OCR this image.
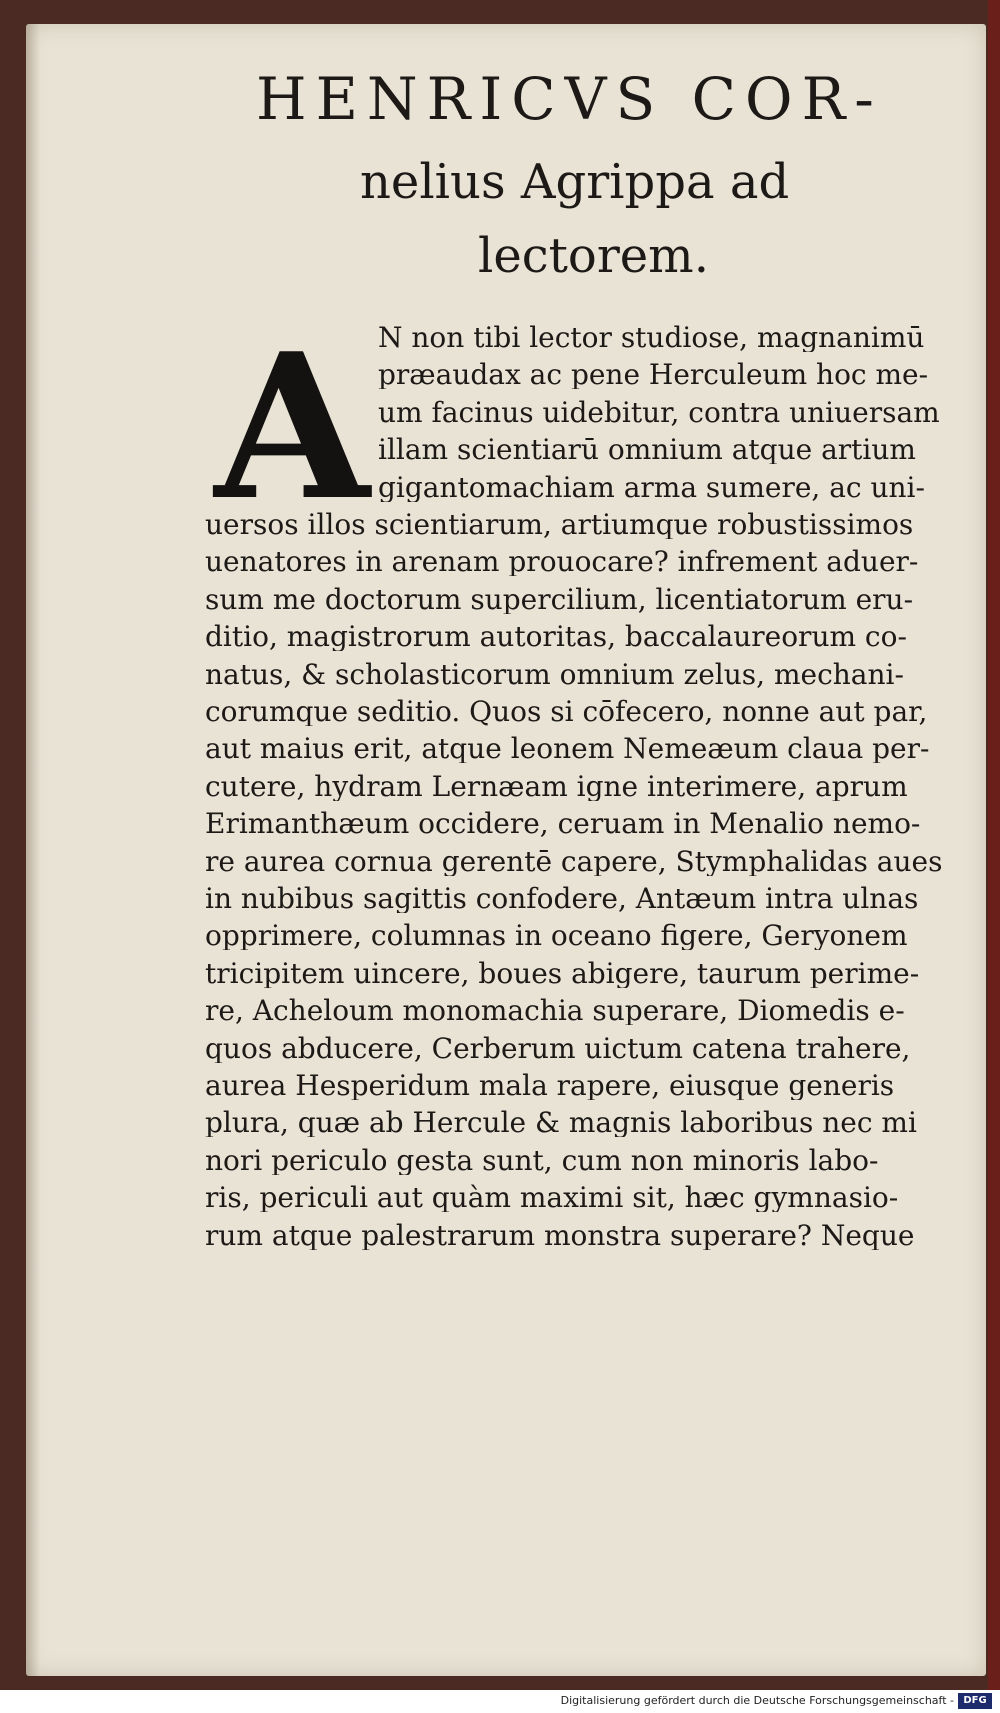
HENRICVS COR-
nelius Agrippa ad
lectorem.
A N non tibi lector studiose, magnanimū
præaudax ac pene Herculeum hoc me-
um facinus uidebitur, contra uniuersam
illam scientiarū omnium atque artium
gigantomachiam arma sumere, ac uni-
uersos illos scientiarum, artiumque robustissimos
uenatores in arenam prouocare? infrement aduer-
sum me doctorum supercilium, licentiatorum eru-
ditio, magistrorum autoritas, baccalaureorum co-
natus, & scholasticorum omnium zelus, mechani-
corumque seditio. Quos si cōfecero, nonne aut par,
aut maius erit, atque leonem Nemeæum claua per-
cutere, hydram Lernæam igne interimere, aprum
Erimanthæum occidere, ceruam in Menalio nemo-
re aurea cornua gerentē capere, Stymphalidas aues
in nubibus sagittis confodere, Antæum intra ulnas
opprimere, columnas in oceano figere, Geryonem
tricipitem uincere, boues abigere, taurum perime-
re, Acheloum monomachia superare, Diomedis e-
quos abducere, Cerberum uictum catena trahere,
aurea Hesperidum mala rapere, eiusque generis
plura, quæ ab Hercule & magnis laboribus nec mi
nori periculo gesta sunt, cum non minoris labo-
ris, periculi aut quàm maximi sit, hæc gymnasio-
rum atque palestrarum monstra superare? Neque
Digitalisierung gefördert durch die Deutsche Forschungsgemeinschaft - DFG
